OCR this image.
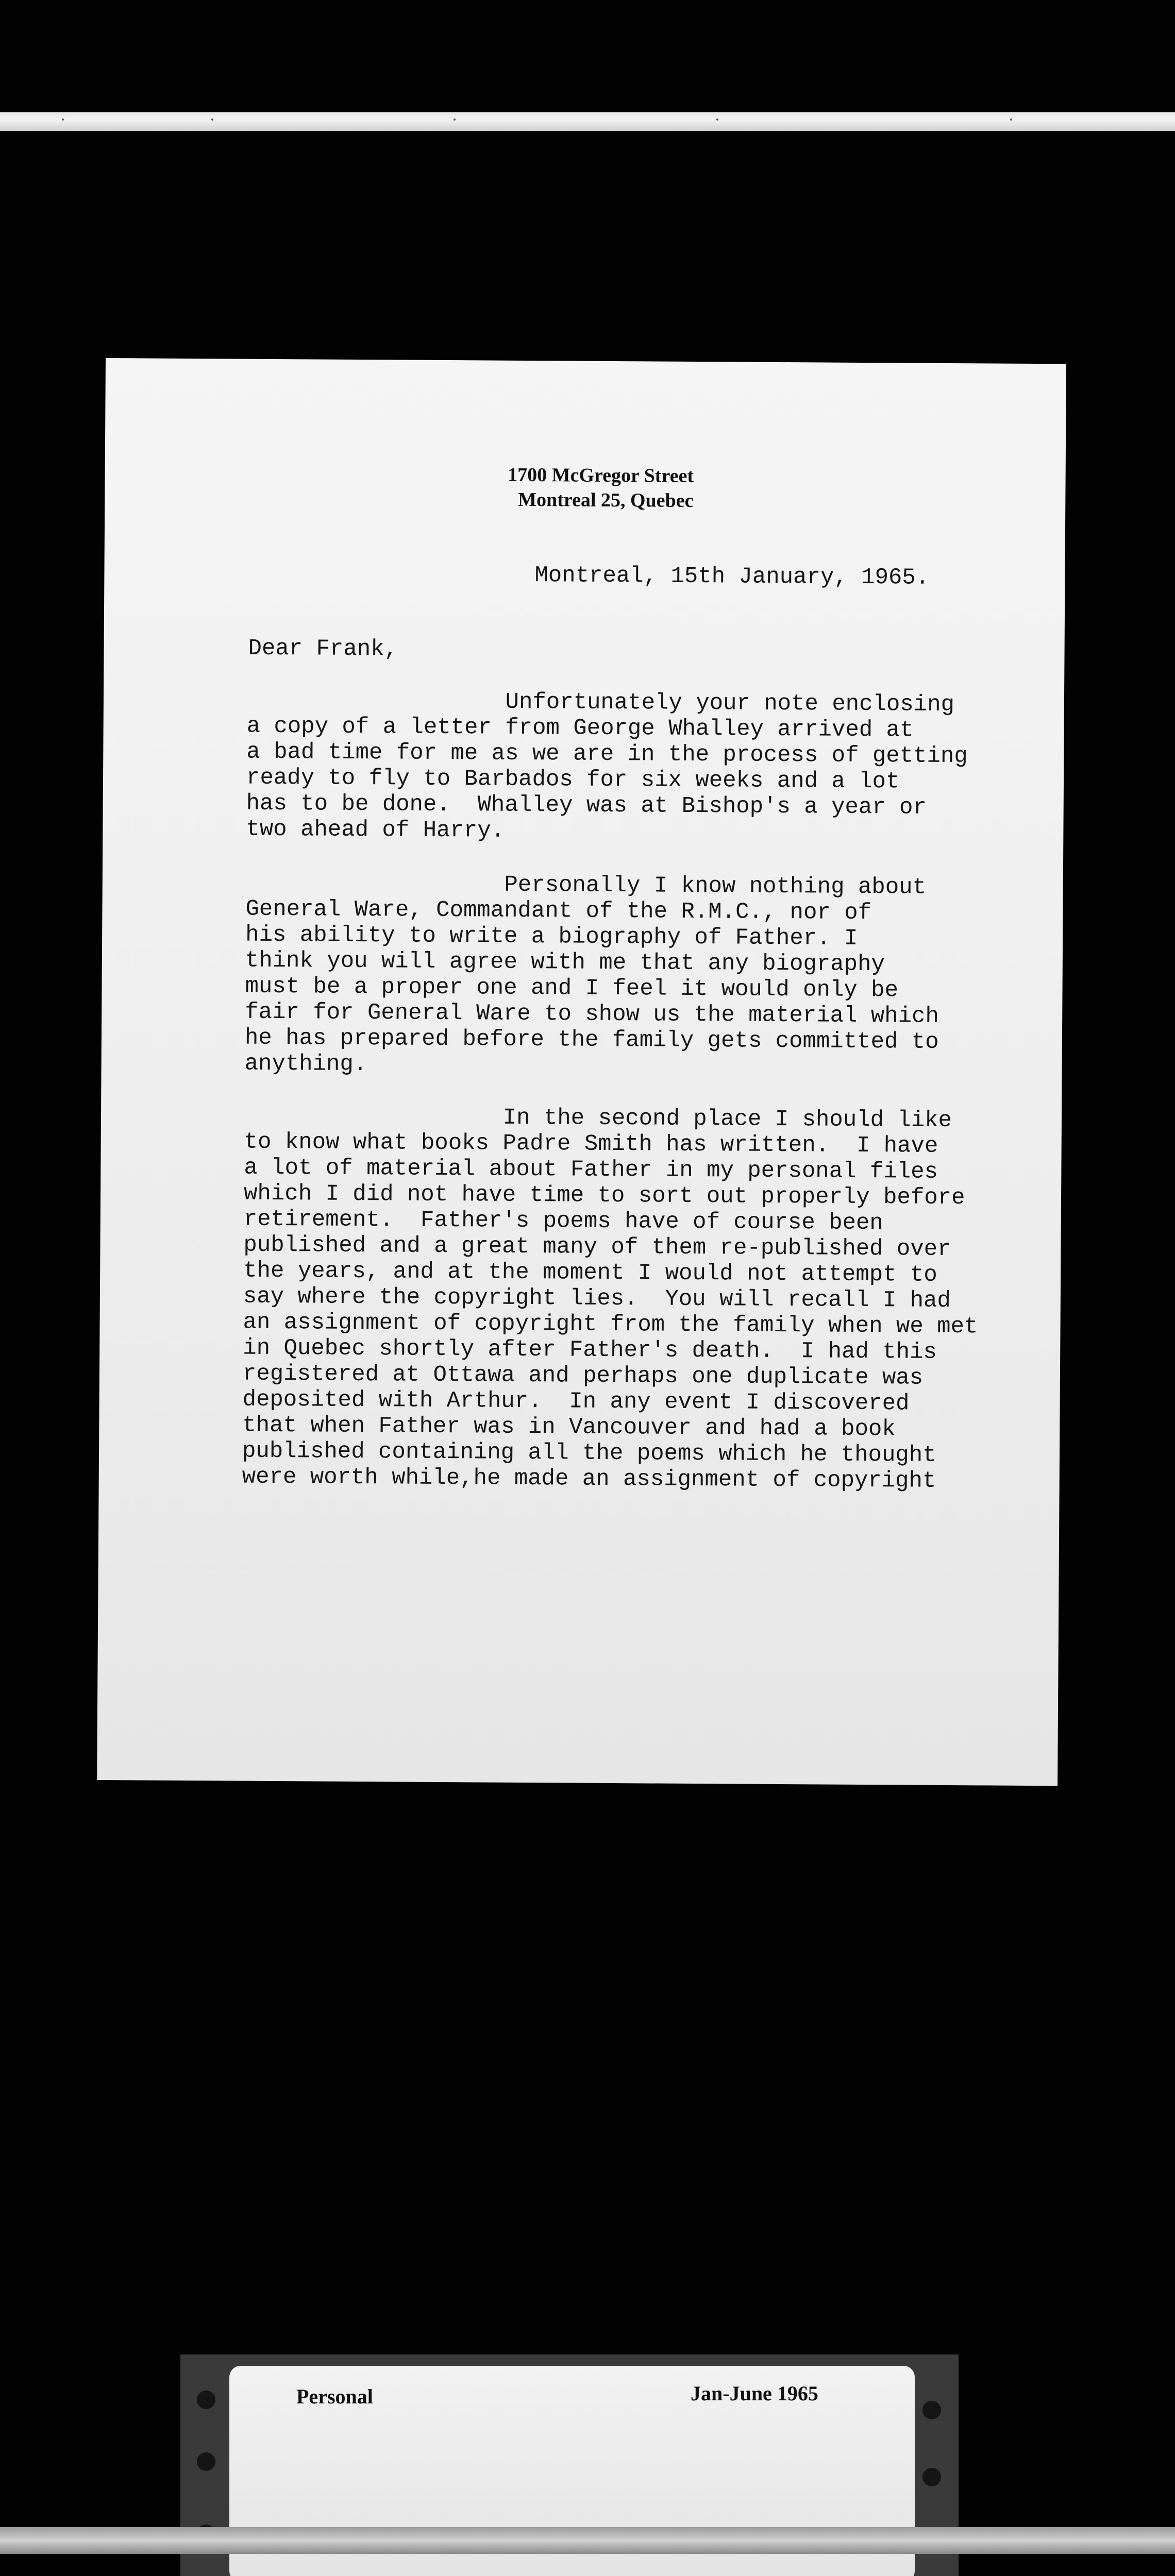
1700 McGregor Street
Montreal 25, Quebec
Montreal, 15th January, 1965.
Dear Frank,
Unfortunately your note enclosing
a copy of a letter from George Whalley arrived at
a bad time for me as we are in the process of getting
ready to fly to Barbados for six weeks and a lot
has to be done.  Whalley was at Bishop's a year or
two ahead of Harry.
Personally I know nothing about
General Ware, Commandant of the R.M.C., nor of
his ability to write a biography of Father. I
think you will agree with me that any biography
must be a proper one and I feel it would only be
fair for General Ware to show us the material which
he has prepared before the family gets committed to
anything.
In the second place I should like
to know what books Padre Smith has written.  I have
a lot of material about Father in my personal files
which I did not have time to sort out properly before
retirement.  Father's poems have of course been
published and a great many of them re-published over
the years, and at the moment I would not attempt to
say where the copyright lies.  You will recall I had
an assignment of copyright from the family when we met
in Quebec shortly after Father's death.  I had this
registered at Ottawa and perhaps one duplicate was
deposited with Arthur.  In any event I discovered
that when Father was in Vancouver and had a book
published containing all the poems which he thought
were worth while,he made an assignment of copyright
Personal	Jan-June 1965
